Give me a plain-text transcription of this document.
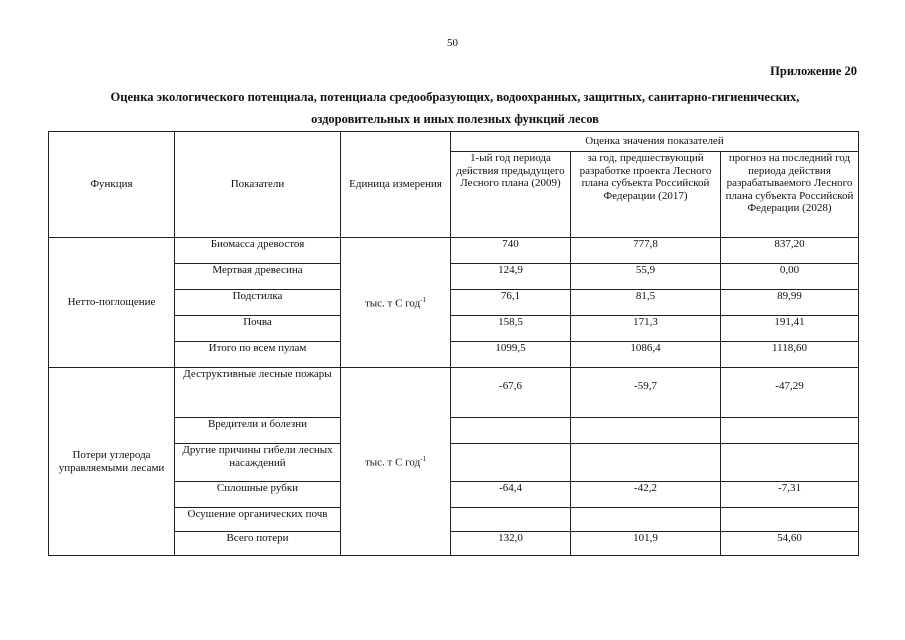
50
Приложение 20
Оценка экологического потенциала, потенциала средообразующих, водоохранных, защитных, санитарно-гигиенических,
оздоровительных и иных полезных функций лесов
Функция	Показатели	Единица измерения	Оценка значения показателей		
			1-ый год периода действия предыдущего Лесного плана (2009)	за год, предшествующий разработке проекта Лесного плана субъекта Российской Федерации (2017)	прогноз на последний год периода действия разрабатываемого Лесного плана субъекта Российской Федерации (2028)
Нетто-поглощение	Биомасса древостоя	тыс. т С год$^{-1}$	740	777,8	837,20
	Мертвая древесина		124,9	55,9	0,00
	Подстилка		76,1	81,5	89,99
	Почва		158,5	171,3	191,41
	Итого по всем пулам		1099,5	1086,4	1118,60
Потери углерода управляемыми лесами	Деструктивные лесные пожары	тыс. т С год$^{-1}$	-67,6	-59,7	-47,29
	Вредители и болезни				
	Другие причины гибели лесных насаждений				
	Сплошные рубки		-64,4	-42,2	-7,31
	Осушение органических почв				
	Всего потери		132,0	101,9	54,60
